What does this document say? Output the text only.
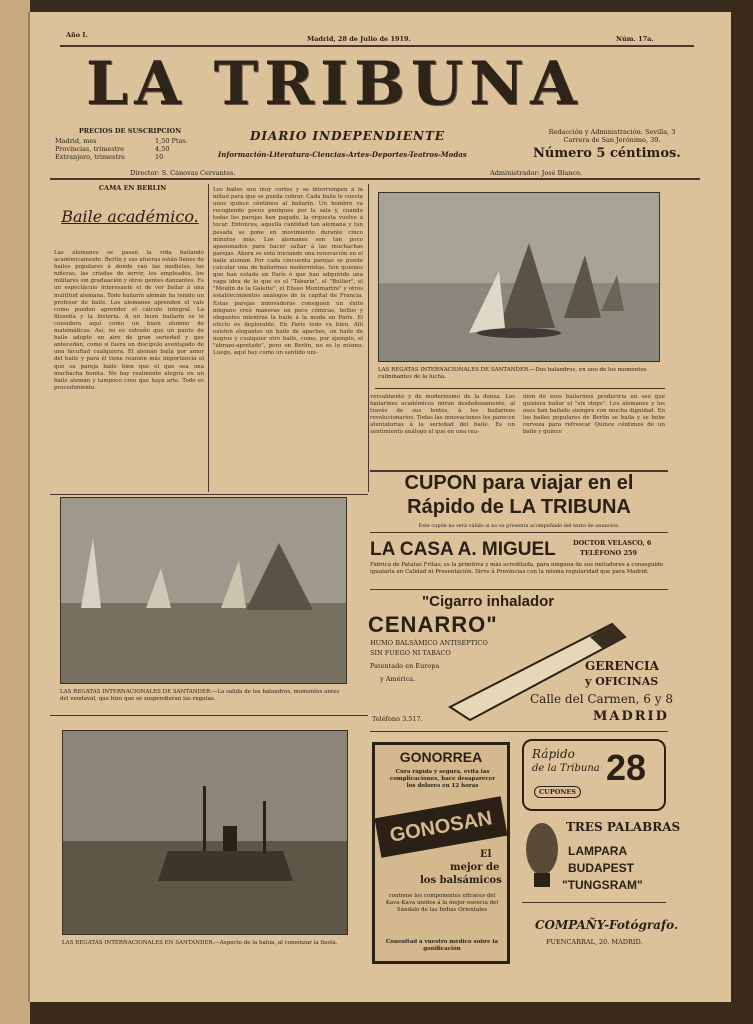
Año I.	Madrid, 28 de Julio de 1919.	Núm. 17a.
LA TRIBUNA
DIARIO INDEPENDIENTE
Información-Literatura-Ciencias-Artes-Deportes-Teatros-Modas
PRECIOS DE SUSCRIPCION
Madrid, mes	1,50 Ptas.
Provincias, trimestre	4,50
Extranjero, trimestre	10
Redacción y Administración: Sevilla, 3
Carrera de San Jerónimo, 39.
Número 5 céntimos.
Director: S. Cánovas Cervantes.	Administrador: José Blanco.
CAMA EN BERLIN
Baile académico.
Las alemanes se pasan la vida bailando académicamente. Berlín y sus afueras están llenos de bailes populares á donde van las modistas, las niñeras, las criadas de servir, los empleados, los militares sin graduación y otros gentes danzantes. Es un espectáculo interesante el de ver bailar á una multitud alemana. Todo bailarín alemán ha tenido un profesor de baile. Los alemanes aprenden el vals como pueden aprender el cálculo integral. La filosofía y la historia. A un buen bailarín se le considera aquí como un buen alumno de matemáticas. Así, no es extraño que un punto de baile adopte un aire de gran seriedad y que antecedan, como si fuera un discípulo aventajado de una facultad cualquiera. El alemán baila por amor del baile y para él tiene reunión más importancia el que su pareja baile bien que el que sea una muchacha bonita. No hay realmente alegría en un baile alemán y tampoco creo que haya arte. Todo es procedimiento.
Los bailes son muy cortos y se interrumpen á la mitad para que se pueda cobrar. Cada baile le cuesta unos quince céntimos al bailarín. Un hombre va recogiendo pocos peniques por la sala y, cuando todas las parejas han pagado, la orquesta vuelve á tocar. Entonces, aquella cantidad tan alemana y tan pesada se pone en movimiento durante cinco minutos más. Los alemanes son tan poco apasionados para hacer saltar á las muchachas parejas. Ahora se está iniciando una renovación en el baile alemán. Por cada cincuenta parejas se puede calcular una de bailarines modernistas. Son quienes que han estado en París ó que han adquirido una vaga idea de lo que es el "Tabarín", el "Bullier", el "Moulin de la Galette", el Eliseo Montmartre" y otros establecimientos análogos de la capital de Francia. Estas parejas innovadoras consiguen un éxito ninguno creó maneras un poco cómicas, bellos y elegantes mientras la baile á la moda en París. El efecto es deplorable. En París todo va bien. Allí existen elegantes un baile de apaches, un baile de negros y cualquier otro baile, como, por ejemplo, el "abrazo-apretado", pero en Berlín, no es lo mismo. Luego, aquí hay como un sentido uni-
LAS REGATAS INTERNACIONALES DE SANTANDER.—Dos balandros, en uno de los momentos culminantes de la lucha.
versalmente y de modernismo de la danza. Los bailarines académicos miran desdeñosamente, al través de sus lentes, á los bailarines revolucionarios. Todas las innovaciones les parecen atentatorias á la seriedad del baile. Es un sentimiento análogo al que en una reu-
nión de esos bailarines produciría un oso que quisiera bailar el "six steps". Los alemanes y los osos han bailado siempre con mucha dignidad. En los bailes populares de Berlín se baila y se bebe cerveza para refrescar Quince céntimos de un baile y quince
CUPON para viajar en el
Rápido de LA TRIBUNA
Este cupón no será válido si no se presenta acompañado del texto de anuncios.
LA CASA A. MIGUEL	DOCTOR VELASCO, 6
TELÉFONO 259
Fábrica de Patatas Fritas; es la primitiva y más acreditada, para ninguna de sus imitadores á conseguido igualarla en Calidad ni Presentación. Sirve á Provincias con la misma regularidad que para Madrid.
"Cigarro inhalador
CENARRO"
HUMO BALSÁMICO ANTISÉPTICO
SIN FUEGO NI TABACO
Patentado en Europa
y América.
Teléfono 3.517.
GERENCIA
y OFICINAS
Calle del Carmen, 6 y 8
MADRID
GONORREA
Cura rápida y segura, evita las complicaciones, hace desaparecer los dolores en 12 horas
GONOSAN
El
mejor de
los balsámicos
contiene los componentes eficaces del Kava-Kava unidos á la mejor esencia del Sándalo de las Indias Orientales
Consultad á vuestro médico sobre la gonificación
Rápido
de la Tribuna
CUPONES
28
TRES PALABRAS
LAMPARA
BUDAPEST
"TUNGSRAM"
COMPAÑY-Fotógrafo.
FUENCARRAL, 20. MADRID.
LAS REGATAS INTERNACIONALES DE SANTANDER.—La salida de los balandros, momentos antes del vendaval, que hizo que se suspendieran las regatas.
LAS REGATAS INTERNACIONALES EN SANTANDER.—Aspecto de la bahía, al comenzar la fiesta.
